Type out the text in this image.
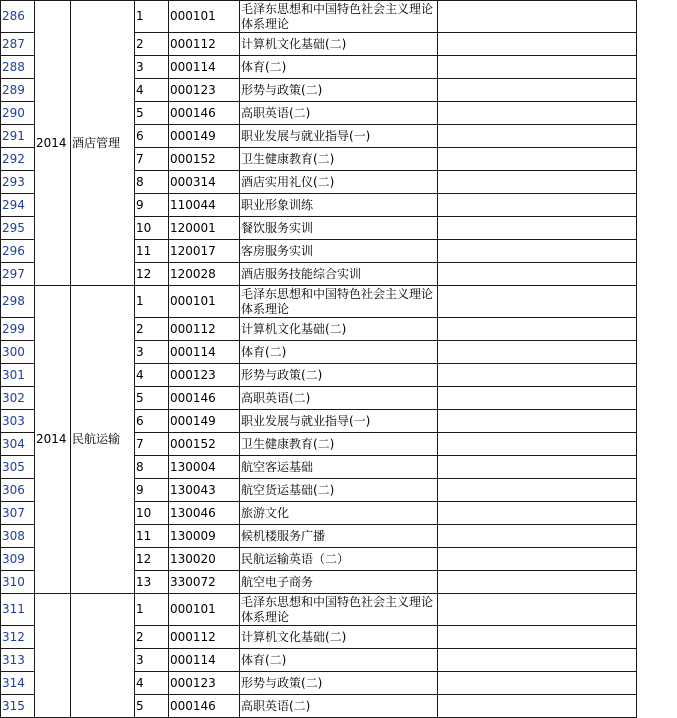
286	2014	酒店管理	1	000101	毛泽东思想和中国特色社会主义理论体系理论	
287			2	000112	计算机文化基础(二)	
288			3	000114	体育(二)	
289			4	000123	形势与政策(二)	
290			5	000146	高职英语(二)	
291			6	000149	职业发展与就业指导(一)	
292			7	000152	卫生健康教育(二)	
293			8	000314	酒店实用礼仪(二)	
294			9	110044	职业形象训练	
295			10	120001	餐饮服务实训	
296			11	120017	客房服务实训	
297			12	120028	酒店服务技能综合实训	
298	2014	民航运输	1	000101	毛泽东思想和中国特色社会主义理论体系理论	
299			2	000112	计算机文化基础(二)	
300			3	000114	体育(二)	
301			4	000123	形势与政策(二)	
302			5	000146	高职英语(二)	
303			6	000149	职业发展与就业指导(一)	
304			7	000152	卫生健康教育(二)	
305			8	130004	航空客运基础	
306			9	130043	航空货运基础(二)	
307			10	130046	旅游文化	
308			11	130009	候机楼服务广播	
309			12	130020	民航运输英语（二）	
310			13	330072	航空电子商务	
311			1	000101	毛泽东思想和中国特色社会主义理论体系理论	
312			2	000112	计算机文化基础(二)	
313			3	000114	体育(二)	
314			4	000123	形势与政策(二)	
315			5	000146	高职英语(二)	
